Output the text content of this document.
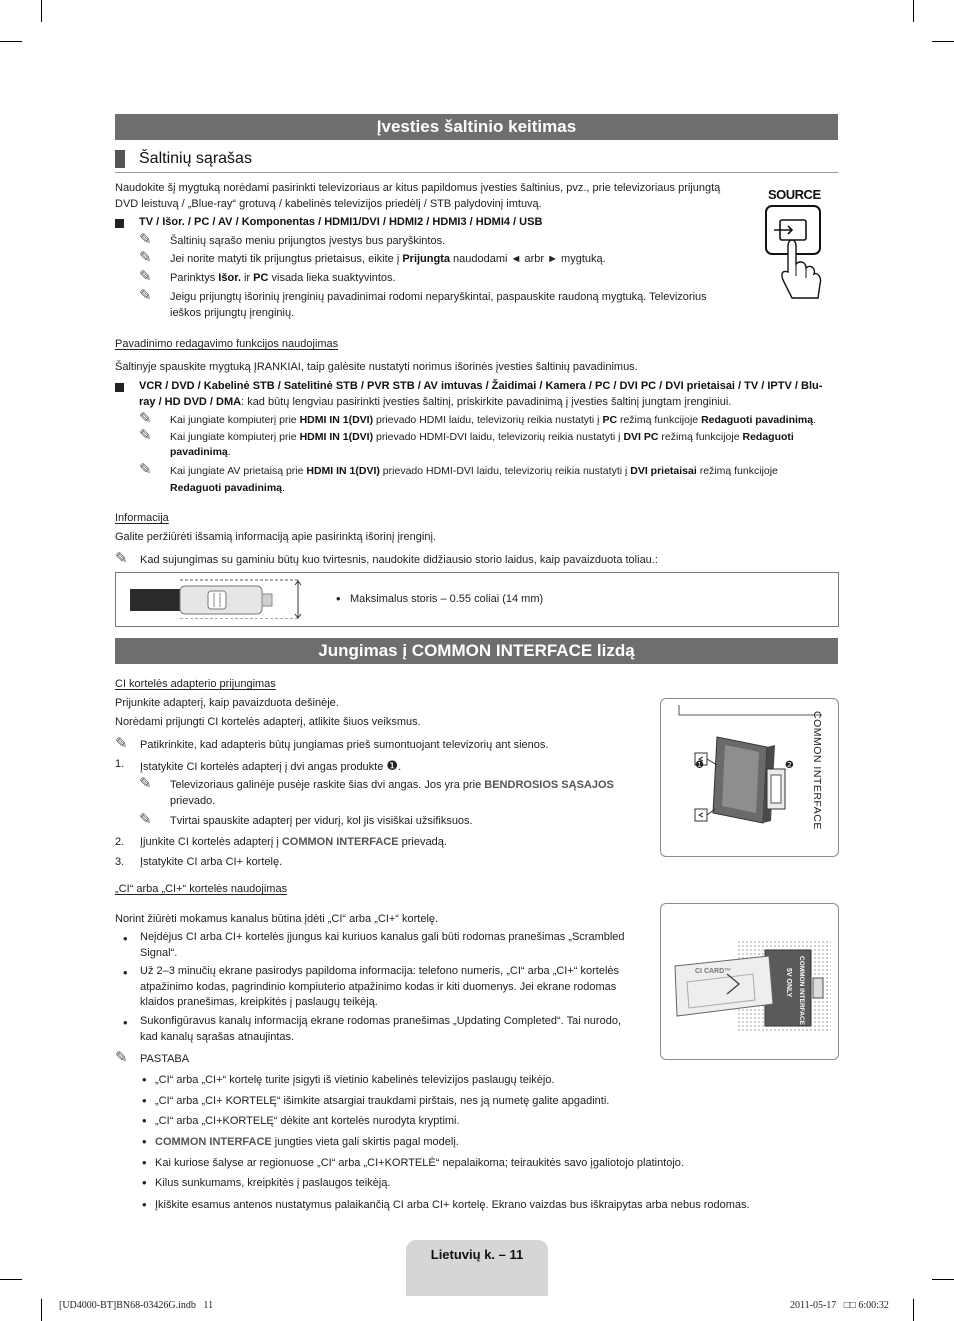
Įvesties šaltinio keitimas
Šaltinių sąrašas
Naudokite šį mygtuką norėdami pasirinkti televizoriaus ar kitus papildomus įvesties šaltinius, pvz., prie televizoriaus prijungtą DVD leistuvą / „Blue-ray“ grotuvą / kabelinės televizijos priedėlį / STB palydovinį imtuvą.
TV / Išor. / PC / AV / Komponentas / HDMI1/DVI / HDMI2 / HDMI3 / HDMI4 / USB
✎ Šaltinių sąrašo meniu prijungtos įvestys bus paryškintos.
✎ Jei norite matyti tik prijungtus prietaisus, eikite į Prijungta naudodami ◄ arbr ► mygtuką.
✎ Parinktys Išor. ir PC visada lieka suaktyvintos.
✎ Jeigu prijungtų išorinių įrenginių pavadinimai rodomi neparyškintai, paspauskite raudoną mygtuką. Televizorius ieškos prijungtų įrenginių.
SOURCE
Pavadinimo redagavimo funkcijos naudojimas
Šaltinyje spauskite mygtuką ĮRANKIAI, taip galėsite nustatyti norimus išorinės įvesties šaltinių pavadinimus.
VCR / DVD / Kabelinė STB / Satelitinė STB / PVR STB / AV imtuvas / Žaidimai / Kamera / PC / DVI PC / DVI prietaisai / TV / IPTV / Blu-ray / HD DVD / DMA: kad būtų lengviau pasirinkti įvesties šaltinį, priskirkite pavadinimą į įvesties šaltinį jungtam įrenginiui.
✎ Kai jungiate kompiuterį prie HDMI IN 1(DVI) prievado HDMI laidu, televizorių reikia nustatyti į PC režimą funkcijoje Redaguoti pavadinimą.
✎ Kai jungiate kompiuterį prie HDMI IN 1(DVI) prievado HDMI-DVI laidu, televizorių reikia nustatyti į DVI PC režimą funkcijoje Redaguoti pavadinimą.
✎ Kai jungiate AV prietaisą prie HDMI IN 1(DVI) prievado HDMI-DVI laidu, televizorių reikia nustatyti į DVI prietaisai režimą funkcijoje Redaguoti pavadinimą.
Informacija
Galite peržiūrėti išsamią informaciją apie pasirinktą išorinį įrenginį.
✎ Kad sujungimas su gaminiu būtų kuo tvirtesnis, naudokite didžiausio storio laidus, kaip pavaizduota toliau.:
• Maksimalus storis – 0.55 coliai (14 mm)
Jungimas į COMMON INTERFACE lizdą
CI kortelės adapterio prijungimas
Prijunkite adapterį, kaip pavaizduota dešinėje.
Norėdami prijungti CI kortelės adapterį, atlikite šiuos veiksmus.
✎ Patikrinkite, kad adapteris būtų jungiamas prieš sumontuojant televizorių ant sienos.
1. Įstatykite CI kortelės adapterį į dvi angas produkte ❶.
✎ Televizoriaus galinėje pusėje raskite šias dvi angas. Jos yra prie BENDROSIOS SĄSAJOS prievado.
✎ Tvirtai spauskite adapterį per vidurį, kol jis visiškai užsifiksuos.
2. Įjunkite CI kortelės adapterį į COMMON INTERFACE prievadą.
3. Įstatykite CI arba CI+ kortelę.
❶	❷ COMMON INTERFACE
„CI“ arba „CI+“ kortelės naudojimas
Norint žiūrėti mokamus kanalus būtina įdėti „CI“ arba „CI+“ kortelę.
• Neįdėjus CI arba CI+ kortelės įjungus kai kuriuos kanalus gali būti rodomas pranešimas „Scrambled Signal“.
• Už 2–3 minučių ekrane pasirodys papildoma informacija: telefono numeris, „CI“ arba „CI+“ kortelės atpažinimo kodas, pagrindinio kompiuterio atpažinimo kodas ir kiti duomenys. Jei ekrane rodomas klaidos pranešimas, kreipkitės į paslaugų teikėją.
• Sukonfigūravus kanalų informaciją ekrane rodomas pranešimas „Updating Completed“. Tai nurodo, kad kanalų sąrašas atnaujintas.
CI CARD™	COMMON INTERFACE
5V ONLY
✎ PASTABA
• „CI“ arba „CI+“ kortelę turite įsigyti iš vietinio kabelinės televizijos paslaugų teikėjo.
• „CI“ arba „CI+ KORTELĘ“ išimkite atsargiai traukdami pirštais, nes ją numetę galite apgadinti.
• „CI“ arba „CI+KORTELĘ“ dėkite ant kortelės nurodyta kryptimi.
• COMMON INTERFACE jungties vieta gali skirtis pagal modelį.
• Kai kuriose šalyse ar regionuose „CI“ arba „CI+KORTELĖ“ nepalaikoma; teiraukitės savo įgaliotojo platintojo.
• Kilus sunkumams, kreipkitės į paslaugos teikėją.
• Įkiškite esamus antenos nustatymus palaikančią CI arba CI+ kortelę. Ekrano vaizdas bus iškraipytas arba nebus rodomas.
Lietuvių k. – 11
[UD4000-BT]BN68-03426G.indb   11	2011-05-17   □□ 6:00:32
